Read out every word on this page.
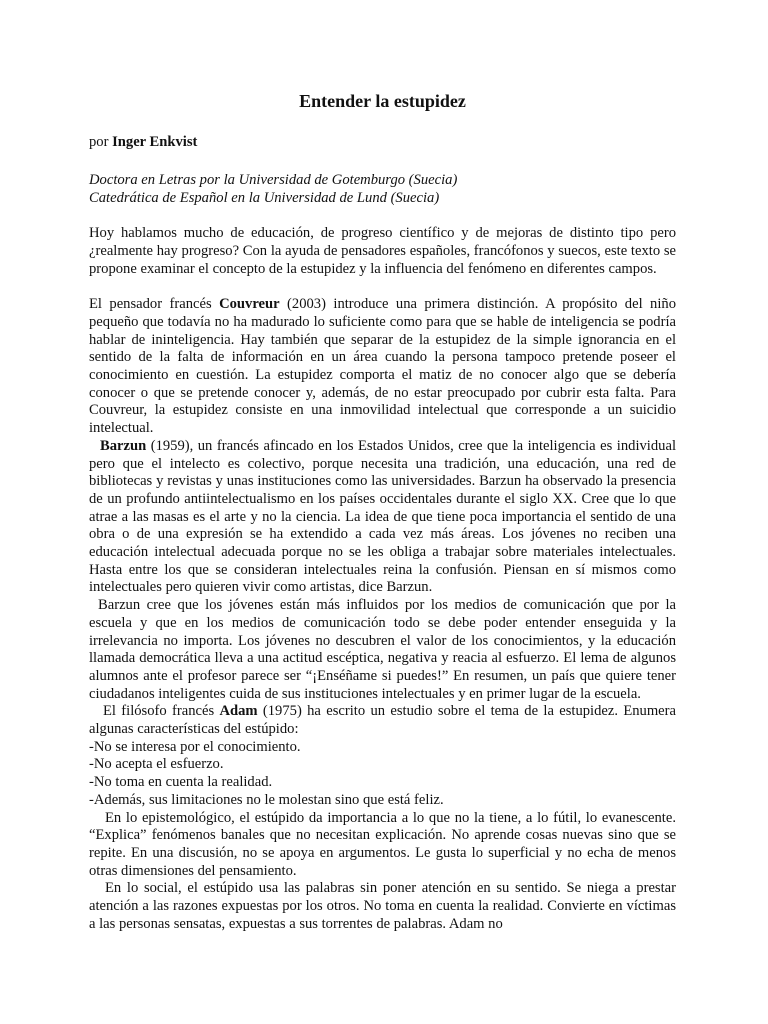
Entender la estupidez
por Inger Enkvist
Doctora en Letras por la Universidad de Gotemburgo (Suecia)
Catedrática de Español en la Universidad de Lund (Suecia)

Hoy hablamos mucho de educación, de progreso científico y de mejoras de distinto tipo pero ¿realmente hay progreso? Con la ayuda de pensadores españoles, francófonos y suecos, este texto se propone examinar el concepto de la estupidez y la influencia del fenómeno en diferentes campos.

El pensador francés Couvreur (2003) introduce una primera distinción. A propósito del niño pequeño que todavía no ha madurado lo suficiente como para que se hable de inteligencia se podría hablar de ininteligencia. Hay también que separar de la estupidez de la simple ignorancia en el sentido de la falta de información en un área cuando la persona tampoco pretende poseer el conocimiento en cuestión. La estupidez comporta el matiz de no conocer algo que se debería conocer o que se pretende conocer y, además, de no estar preocupado por cubrir esta falta. Para Couvreur, la estupidez consiste en una inmovilidad intelectual que corresponde a un suicidio intelectual.

Barzun (1959), un francés afincado en los Estados Unidos, cree que la inteligencia es individual pero que el intelecto es colectivo, porque necesita una tradición, una educación, una red de bibliotecas y revistas y unas instituciones como las universidades. Barzun ha observado la presencia de un profundo antiintelectualismo en los países occidentales durante el siglo XX. Cree que lo que atrae a las masas es el arte y no la ciencia. La idea de que tiene poca importancia el sentido de una obra o de una expresión se ha extendido a cada vez más áreas. Los jóvenes no reciben una educación intelectual adecuada porque no se les obliga a trabajar sobre materiales intelectuales. Hasta entre los que se consideran intelectuales reina la confusión. Piensan en sí mismos como intelectuales pero quieren vivir como artistas, dice Barzun.

Barzun cree que los jóvenes están más influidos por los medios de comunicación que por la escuela y que en los medios de comunicación todo se debe poder entender enseguida y la irrelevancia no importa. Los jóvenes no descubren el valor de los conocimientos, y la educación llamada democrática lleva a una actitud escéptica, negativa y reacia al esfuerzo. El lema de algunos alumnos ante el profesor parece ser “¡Enséñame si puedes!” En resumen, un país que quiere tener ciudadanos inteligentes cuida de sus instituciones intelectuales y en primer lugar de la escuela.

El filósofo francés Adam (1975) ha escrito un estudio sobre el tema de la estupidez. Enumera algunas características del estúpido:

-No se interesa por el conocimiento.
-No acepta el esfuerzo.
-No toma en cuenta la realidad.
-Además, sus limitaciones no le molestan sino que está feliz.

En lo epistemológico, el estúpido da importancia a lo que no la tiene, a lo fútil, lo evanescente. “Explica” fenómenos banales que no necesitan explicación. No aprende cosas nuevas sino que se repite. En una discusión, no se apoya en argumentos. Le gusta lo superficial y no echa de menos otras dimensiones del pensamiento.

En lo social, el estúpido usa las palabras sin poner atención en su sentido. Se niega a prestar atención a las razones expuestas por los otros. No toma en cuenta la realidad. Convierte en víctimas a las personas sensatas, expuestas a sus torrentes de palabras. Adam no
